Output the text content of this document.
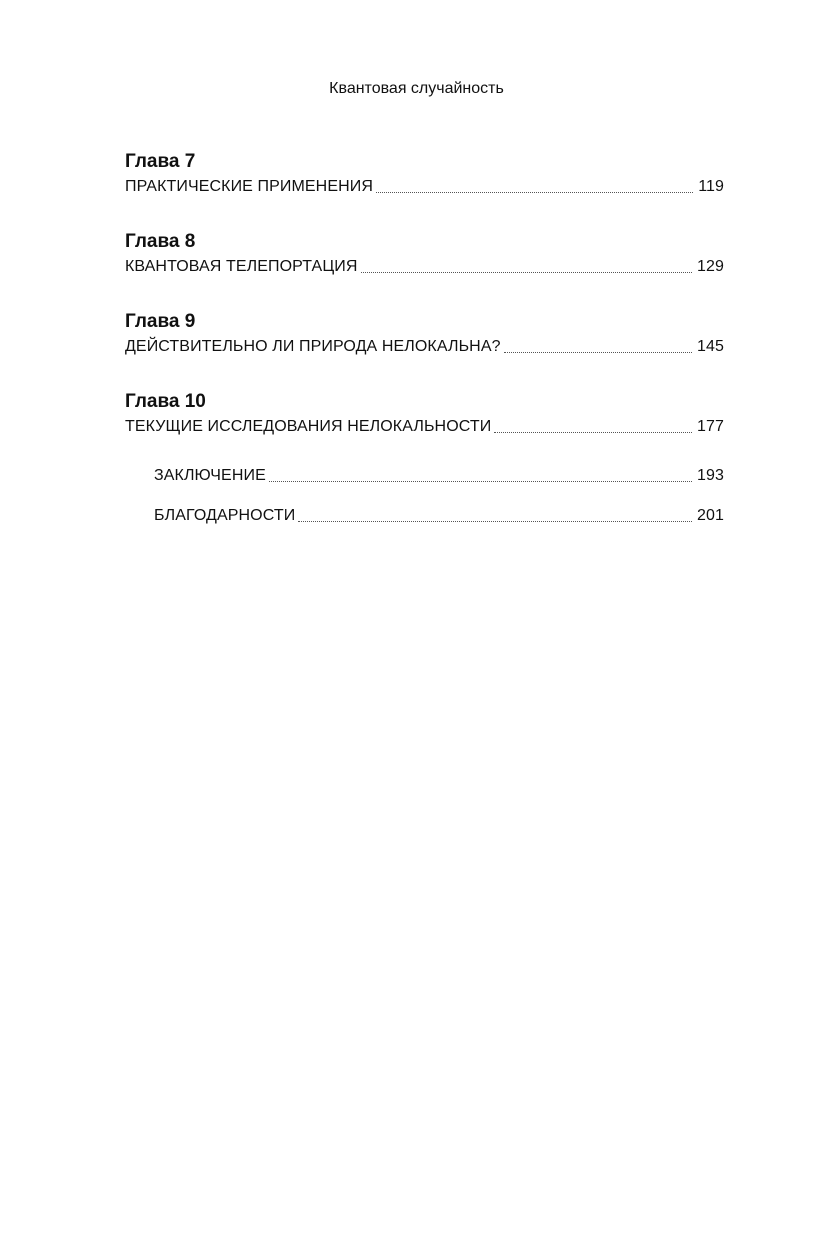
Квантовая случайность
Глава 7
ПРАКТИЧЕСКИЕ ПРИМЕНЕНИЯ	119
Глава 8
КВАНТОВАЯ ТЕЛЕПОРТАЦИЯ	129
Глава 9
ДЕЙСТВИТЕЛЬНО ЛИ ПРИРОДА НЕЛОКАЛЬНА?	145
Глава 10
ТЕКУЩИЕ ИССЛЕДОВАНИЯ НЕЛОКАЛЬНОСТИ	177
ЗАКЛЮЧЕНИЕ	193
БЛАГОДАРНОСТИ	201
